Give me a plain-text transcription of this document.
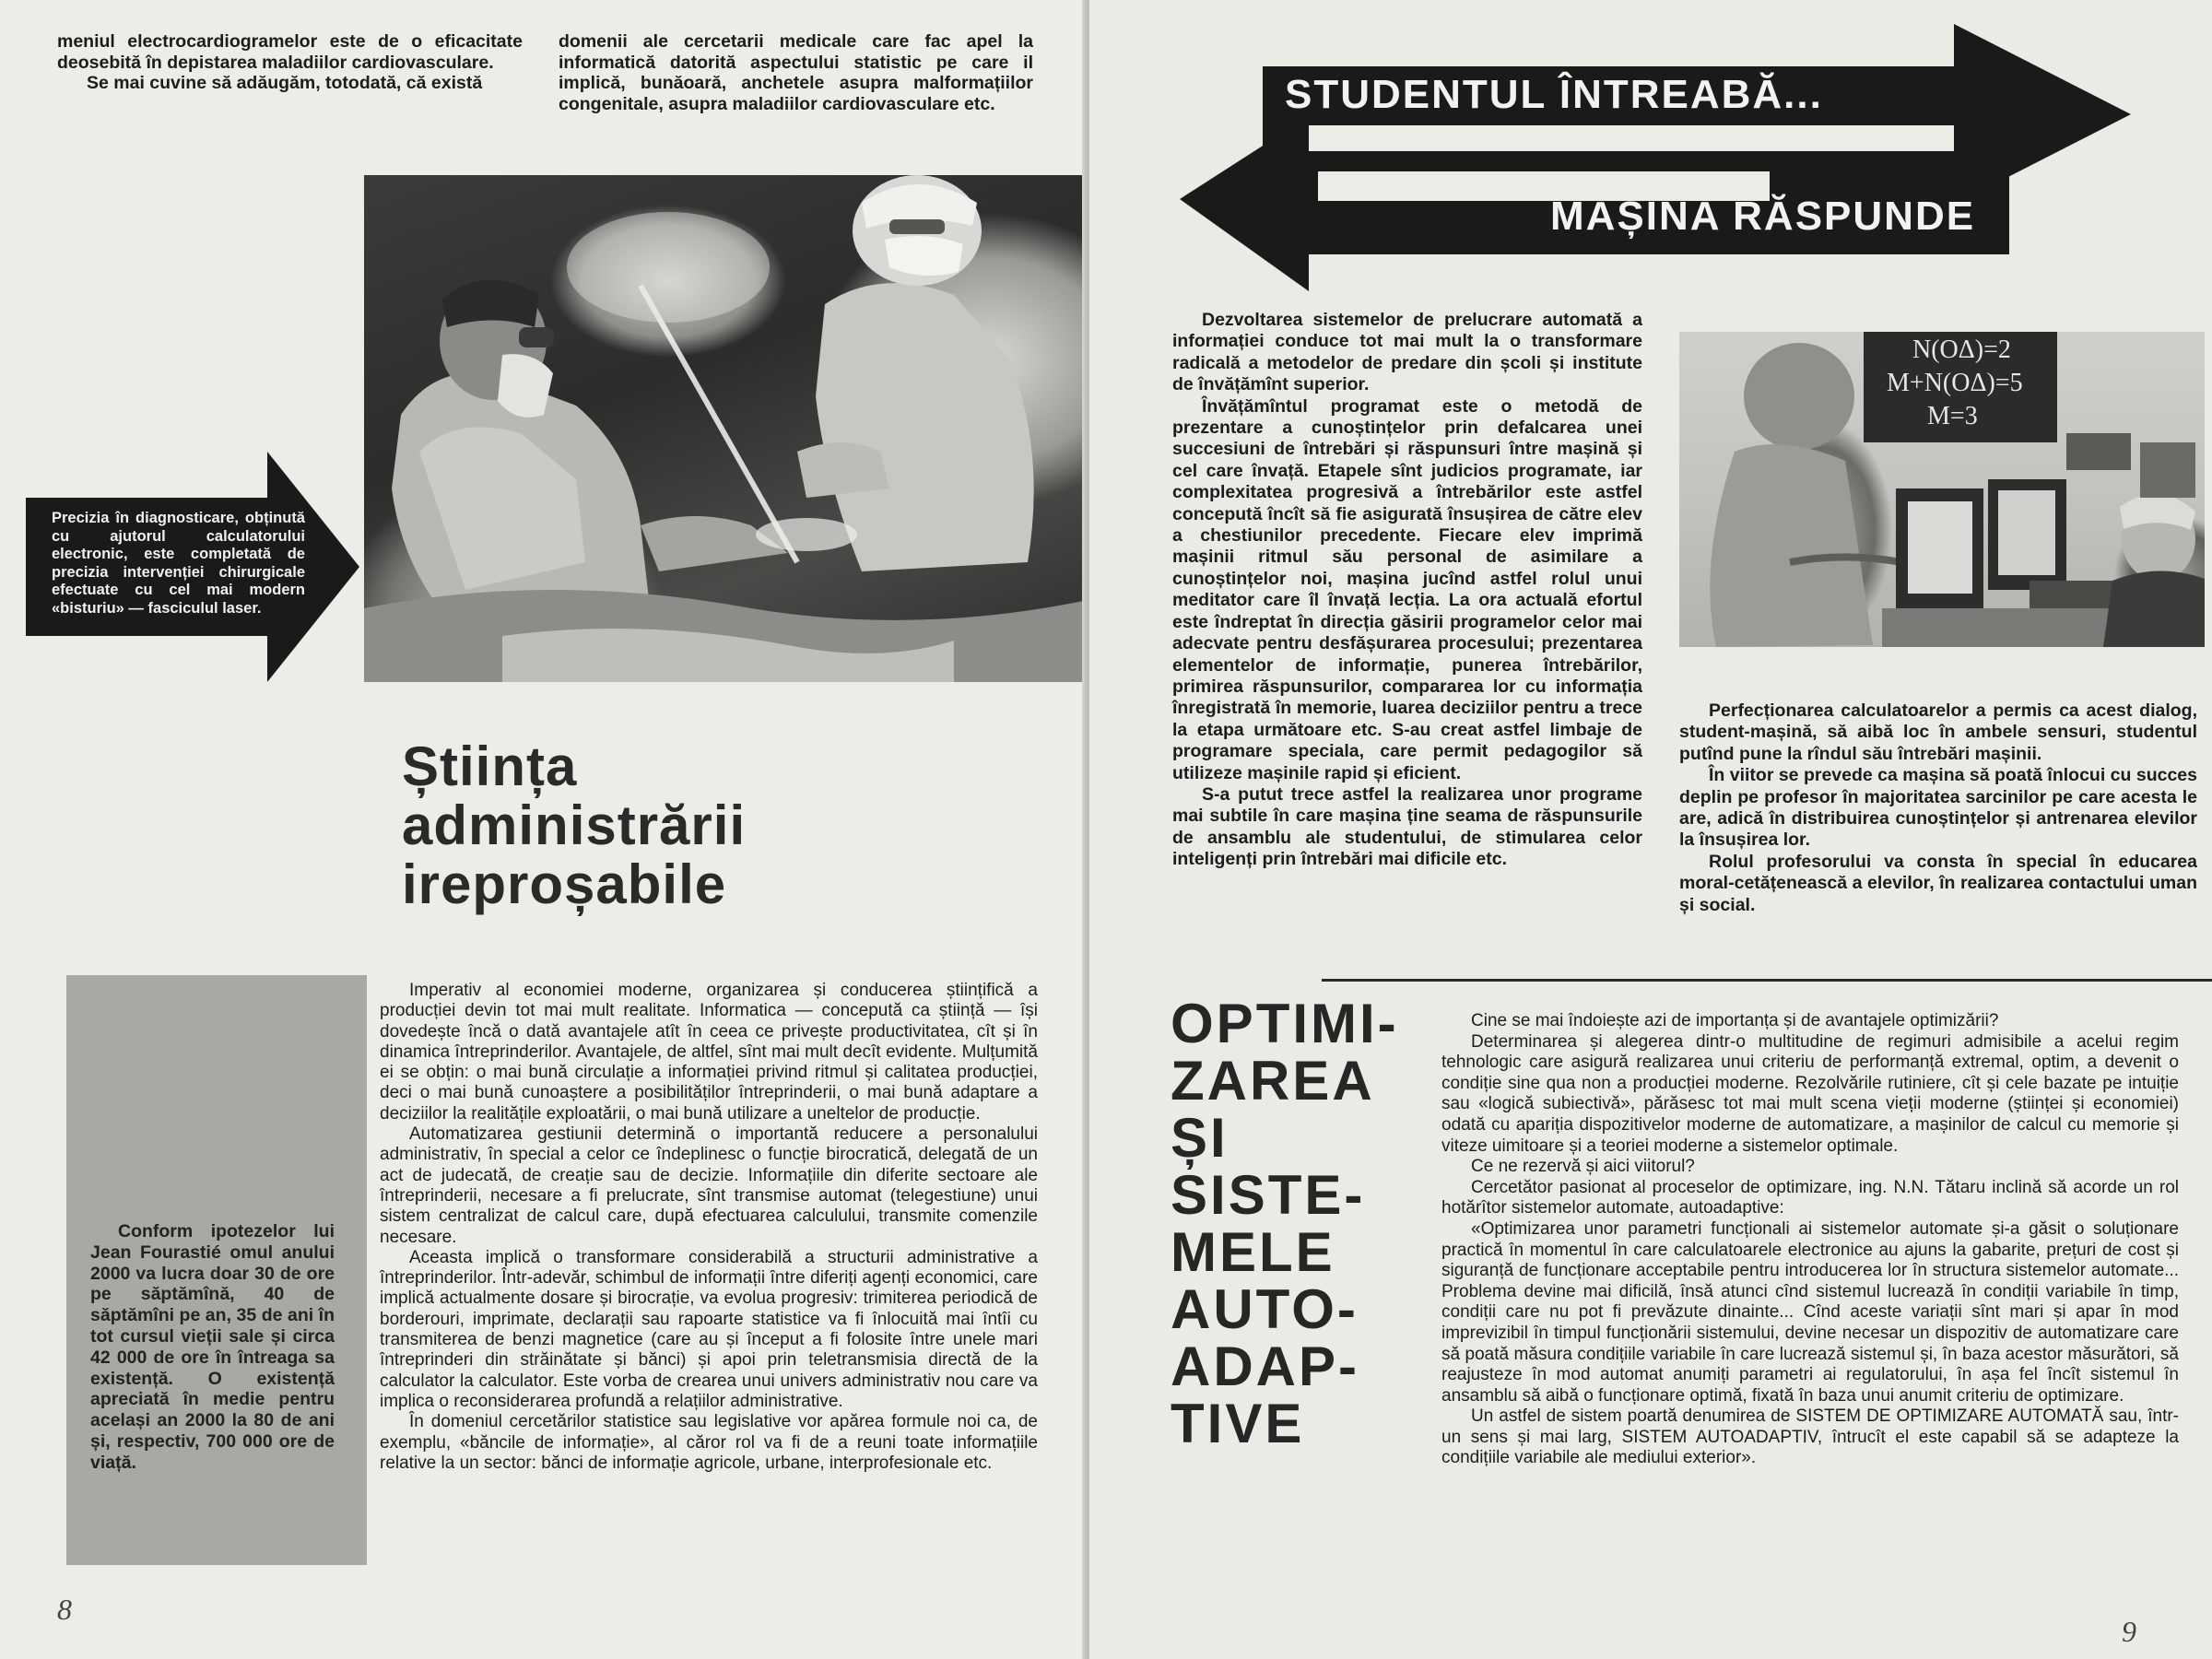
meniul electrocardiogramelor este de o eficacitate deosebită în depistarea maladiilor cardiovasculare.

Se mai cuvine să adăugăm, totodată, că există

domenii ale cercetarii medicale care fac apel la informatică datorită aspectului statistic pe care il implică, bunăoară, anchetele asupra malformațiilor congenitale, asupra maladiilor cardiovasculare etc.

Precizia în diagnosticare, obținută cu ajutorul calculatorului electronic, este completată de precizia intervenției chirurgicale efectuate cu cel mai modern «bisturiu» — fasciculul laser.

Știința
administrării
ireproșabile

Conform ipotezelor lui Jean Fourastié omul anului 2000 va lucra doar 30 de ore pe săptămînă, 40 de săptămîni pe an, 35 de ani în tot cursul vieții sale și circa 42 000 de ore în întreaga sa existență. O existență apreciată în medie pentru același an 2000 la 80 de ani și, respectiv, 700 000 ore de viață.

Imperativ al economiei moderne, organizarea și conducerea științifică a producției devin tot mai mult realitate. Informatica — concepută ca știință — își dovedește încă o dată avantajele atît în ceea ce privește productivitatea, cît și în dinamica întreprinderilor. Avantajele, de altfel, sînt mai mult decît evidente. Mulțumită ei se obțin: o mai bună circulație a informației privind ritmul și calitatea producției, deci o mai bună cunoaștere a posibilităților întreprinderii, o mai bună adaptare a deciziilor la realitățile exploatării, o mai bună utilizare a uneltelor de producție.

Automatizarea gestiunii determină o importantă reducere a personalului administrativ, în special a celor ce îndeplinesc o funcție birocratică, delegată de un act de judecată, de creație sau de decizie. Informațiile din diferite sectoare ale întreprinderii, necesare a fi prelucrate, sînt transmise automat (telegestiune) unui sistem centralizat de calcul care, după efectuarea calculului, transmite comenzile necesare.

Aceasta implică o transformare considerabilă a structurii administrative a întreprinderilor. Într-adevăr, schimbul de informații între diferiți agenți economici, care implică actualmente dosare și birocrație, va evolua progresiv: trimiterea periodică de borderouri, imprimate, declarații sau rapoarte statistice va fi înlocuită mai întîi cu transmiterea de benzi magnetice (care au și început a fi folosite între unele mari întreprinderi din străinătate și bănci) și apoi prin teletransmisia directă de la calculator la calculator. Este vorba de crearea unui univers administrativ nou care va implica o reconsiderarea profundă a relațiilor administrative.

În domeniul cercetărilor statistice sau legislative vor apărea formule noi ca, de exemplu, «băncile de informație», al căror rol va fi de a reuni toate informațiile relative la un sector: bănci de informație agricole, urbane, interprofesionale etc.

8

STUDENTUL ÎNTREABĂ...
MAȘINA RĂSPUNDE

Dezvoltarea sistemelor de prelucrare automată a informației conduce tot mai mult la o transformare radicală a metodelor de predare din școli și institute de învățămînt superior.

Învățămîntul programat este o metodă de prezentare a cunoștințelor prin defalcarea unei succesiuni de întrebări și răspunsuri între mașină și cel care învață. Etapele sînt judicios programate, iar complexitatea progresivă a întrebărilor este astfel concepută încît să fie asigurată însușirea de către elev a chestiunilor precedente. Fiecare elev imprimă mașinii ritmul său personal de asimilare a cunoștințelor noi, mașina jucînd astfel rolul unui meditator care îl învață lecția. La ora actuală efortul este îndreptat în direcția găsirii programelor celor mai adecvate pentru desfășurarea procesului; prezentarea elementelor de informație, punerea întrebărilor, primirea răspunsurilor, compararea lor cu informația înregistrată în memorie, luarea deciziilor pentru a trece la etapa următoare etc. S-au creat astfel limbaje de programare speciala, care permit pedagogilor să utilizeze mașinile rapid și eficient.

S-a putut trece astfel la realizarea unor programe mai subtile în care mașina ține seama de răspunsurile de ansamblu ale studentului, de stimularea celor inteligenți prin întrebări mai dificile etc.

N(OΔ)=2
M+N(OΔ)=5
M=3

Perfecționarea calculatoarelor a permis ca acest dialog, student-mașină, să aibă loc în ambele sensuri, studentul putînd pune la rîndul său întrebări mașinii.

În viitor se prevede ca mașina să poată înlocui cu succes deplin pe profesor în majoritatea sarcinilor pe care acesta le are, adică în distribuirea cunoștințelor și antrenarea elevilor la însușirea lor.

Rolul profesorului va consta în special în educarea moral-cetățenească a elevilor, în realizarea contactului uman și social.

OPTIMI-
ZAREA
ȘI
SISTE-
MELE
AUTO-
ADAP-
TIVE

Cine se mai îndoiește azi de importanța și de avantajele optimizării?

Determinarea și alegerea dintr-o multitudine de regimuri admisibile a acelui regim tehnologic care asigură realizarea unui criteriu de performanță extremal, optim, a devenit o condiție sine qua non a producției moderne. Rezolvările rutiniere, cît și cele bazate pe intuiție sau «logică subiectivă», părăsesc tot mai mult scena vieții moderne (științei și economiei) odată cu apariția dispozitivelor moderne de automatizare, a mașinilor de calcul cu memorie și viteze uimitoare și a teoriei moderne a sistemelor optimale.

Ce ne rezervă și aici viitorul?

Cercetător pasionat al proceselor de optimizare, ing. N.N. Tătaru inclină să acorde un rol hotărîtor sistemelor automate, autoadaptive:

«Optimizarea unor parametri funcționali ai sistemelor automate și-a găsit o soluționare practică în momentul în care calculatoarele electronice au ajuns la gabarite, prețuri de cost și siguranță de funcționare acceptabile pentru introducerea lor în structura sistemelor automate... Problema devine mai dificilă, însă atunci cînd sistemul lucrează în condiții variabile în timp, condiții care nu pot fi prevăzute dinainte... Cînd aceste variații sînt mari și apar în mod imprevizibil în timpul funcționării sistemului, devine necesar un dispozitiv de automatizare care să poată măsura condițiile variabile în care lucrează sistemul și, în baza acestor măsurători, să reajusteze în mod automat anumiți parametri ai regulatorului, în așa fel încît sistemul în ansamblu să aibă o funcționare optimă, fixată în baza unui anumit criteriu de optimizare.

Un astfel de sistem poartă denumirea de SISTEM DE OPTIMIZARE AUTOMATĂ sau, într-un sens și mai larg, SISTEM AUTOADAPTIV, întrucît el este capabil să se adapteze la condițiile variabile ale mediului exterior».

9
